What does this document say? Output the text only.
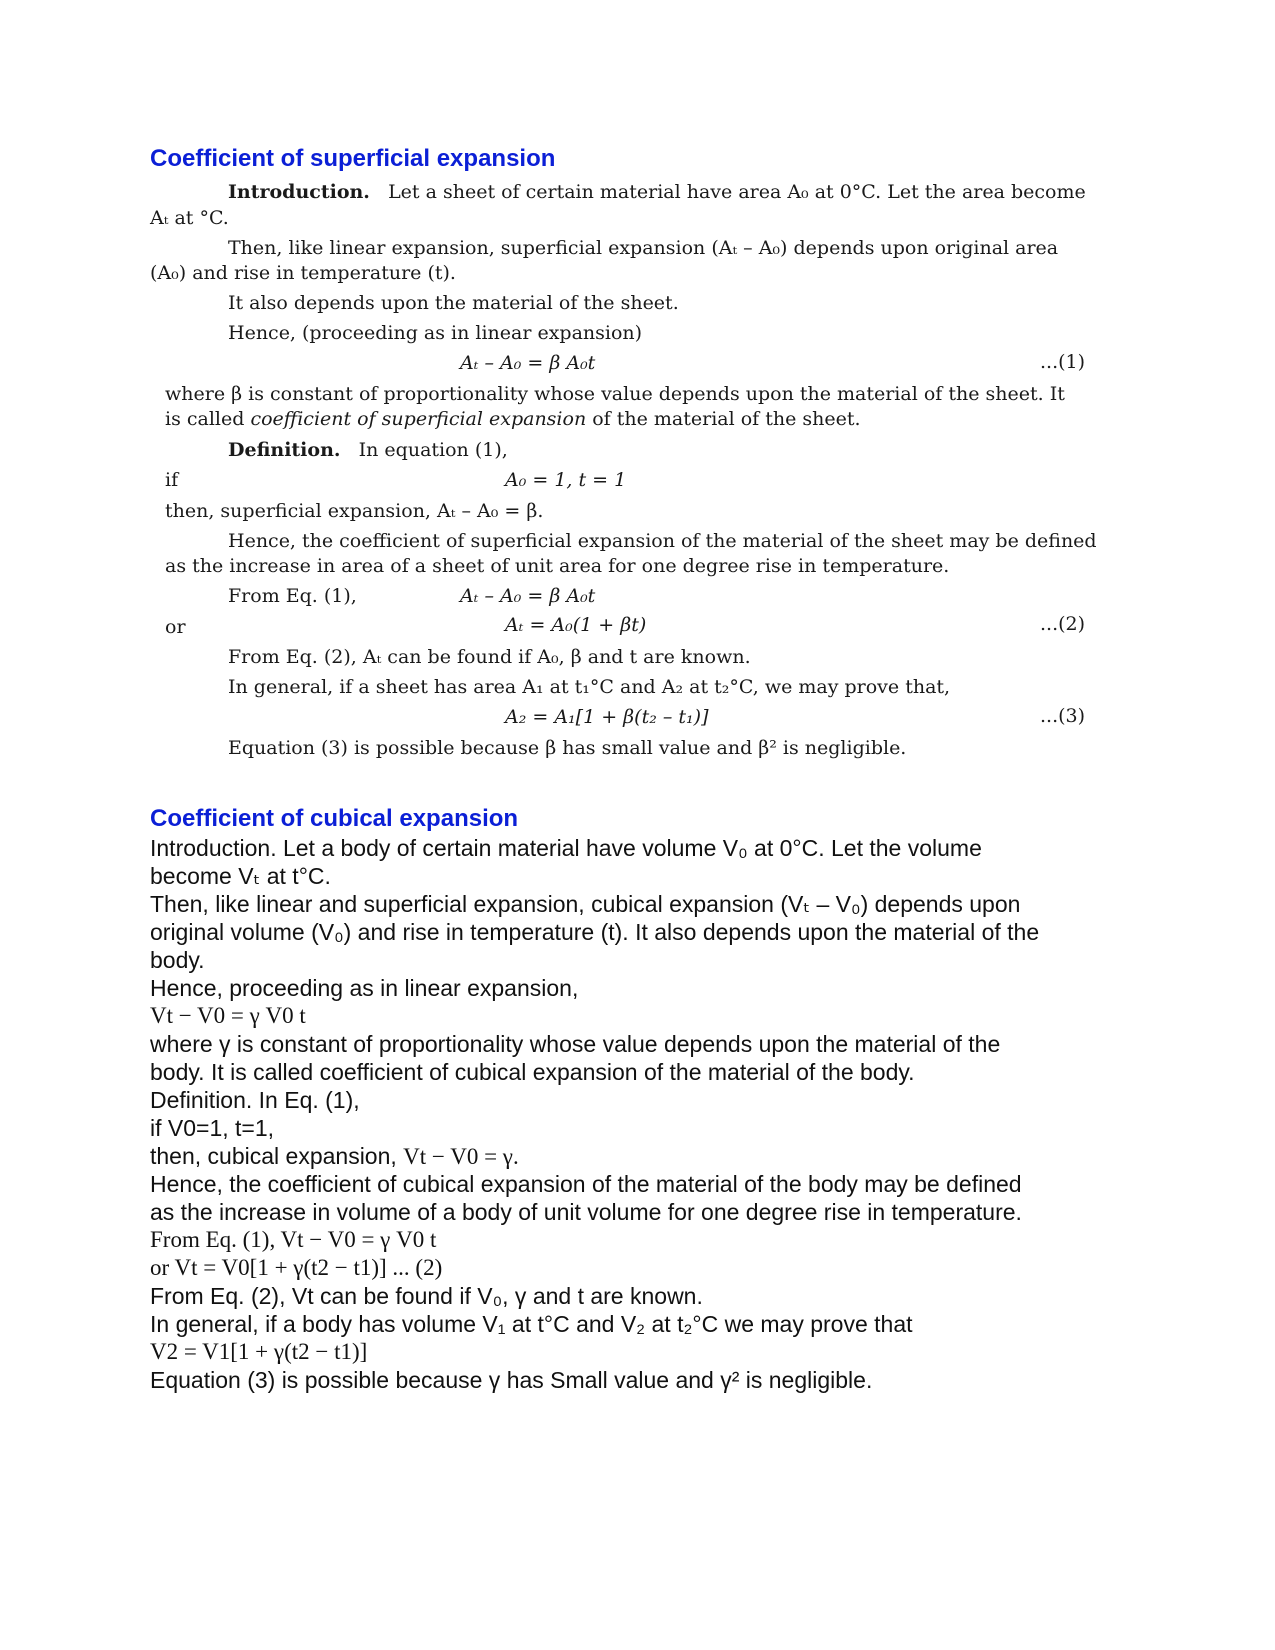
Coefficient of superficial expansion
Introduction. Let a sheet of certain material have area A₀ at 0°C. Let the area become
Aₜ at °C.
Then, like linear expansion, superficial expansion (Aₜ – A₀) depends upon original area
(A₀) and rise in temperature (t).
It also depends upon the material of the sheet.
Hence, (proceeding as in linear expansion)
Aₜ – A₀ = β A₀t	...(1)
where β is constant of proportionality whose value depends upon the material of the sheet. It
is called coefficient of superficial expansion of the material of the sheet.
Definition. In equation (1),
if	A₀ = 1, t = 1
then, superficial expansion, Aₜ – A₀ = β.
Hence, the coefficient of superficial expansion of the material of the sheet may be defined
as the increase in area of a sheet of unit area for one degree rise in temperature.
From Eq. (1),	Aₜ – A₀ = β A₀t
or	Aₜ = A₀(1 + βt)	...(2)
From Eq. (2), Aₜ can be found if A₀, β and t are known.
In general, if a sheet has area A₁ at t₁°C and A₂ at t₂°C, we may prove that,
A₂ = A₁[1 + β(t₂ – t₁)]	...(3)
Equation (3) is possible because β has small value and β² is negligible.
Coefficient of cubical expansion
Introduction. Let a body of certain material have volume V₀ at 0°C. Let the volume
become Vₜ at t°C.
Then, like linear and superficial expansion, cubical expansion (Vₜ – V₀) depends upon
original volume (V₀) and rise in temperature (t). It also depends upon the material of the
body.
Hence, proceeding as in linear expansion,
Vt − V0 = γ V0 t
where γ is constant of proportionality whose value depends upon the material of the
body. It is called coefficient of cubical expansion of the material of the body.
Definition. In Eq. (1),
if V0=1, t=1,
then, cubical expansion, Vt − V0 = γ.
Hence, the coefficient of cubical expansion of the material of the body may be defined
as the increase in volume of a body of unit volume for one degree rise in temperature.
From Eq. (1), Vt − V0 = γ V0 t
or Vt = V0[1 + γ(t2 − t1)] ... (2)
From Eq. (2), Vt can be found if V₀, γ and t are known.
In general, if a body has volume V₁ at t°C and V₂ at t₂°C we may prove that
V2 = V1[1 + γ(t2 − t1)]
Equation (3) is possible because γ has Small value and γ² is negligible.
